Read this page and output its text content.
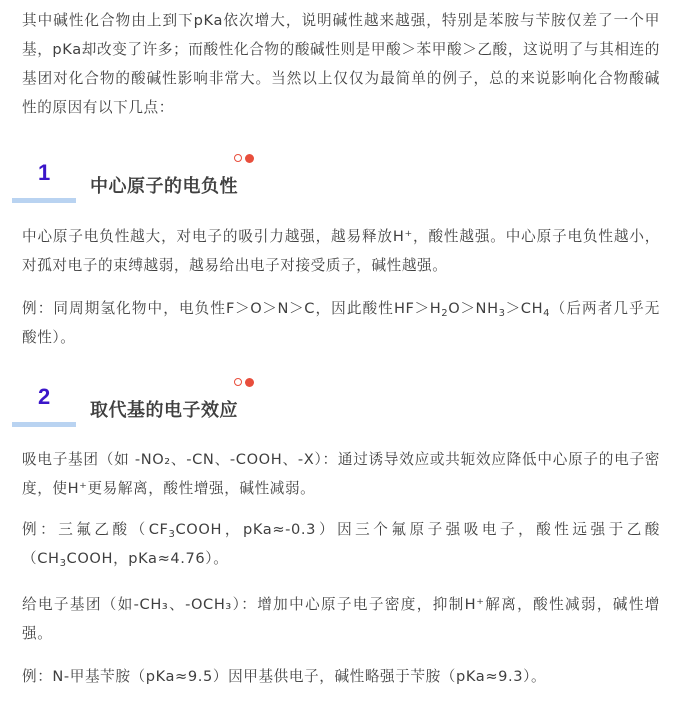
其中碱性化合物由上到下pKa依次增大，说明碱性越来越强，特别是苯胺与苄胺仅差了一个甲基，pKa却改变了许多；而酸性化合物的酸碱性则是甲酸＞苯甲酸＞乙酸，这说明了与其相连的基团对化合物的酸碱性影响非常大。当然以上仅仅为最简单的例子，总的来说影响化合物酸碱性的原因有以下几点：

1
中心原子的电负性

中心原子电负性越大，对电子的吸引力越强，越易释放H⁺，酸性越强。中心原子电负性越小，对孤对电子的束缚越弱，越易给出电子对接受质子，碱性越强。

例：同周期氢化物中，电负性F＞O＞N＞C，因此酸性$HF>H_2O>NH_3>CH_4$（后两者几乎无酸性）。

2
取代基的电子效应

吸电子基团（如 -NO₂、-CN、-COOH、-X）：通过诱导效应或共轭效应降低中心原子的电子密度，使H⁺更易解离，酸性增强，碱性减弱。

例：三氟乙酸（$CF_3COOH$，pKa≈-0.3）因三个氟原子强吸电子，酸性远强于乙酸（$CH_3COOH$，pKa≈4.76）。

给电子基团（如-CH₃、-OCH₃）：增加中心原子电子密度，抑制H⁺解离，酸性减弱，碱性增强。

例：N-甲基苄胺（pKa≈9.5）因甲基供电子，碱性略强于苄胺（pKa≈9.3）。
